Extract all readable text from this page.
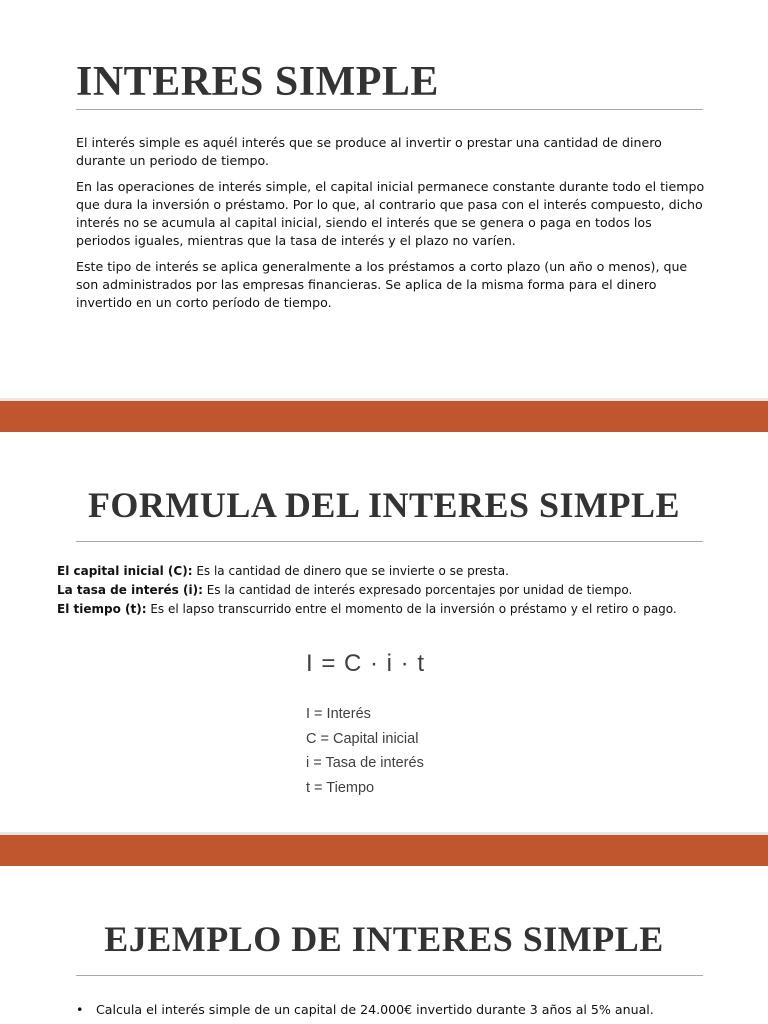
INTERES SIMPLE

El interés simple es aquél interés que se produce al invertir o prestar una cantidad de dinero durante un periodo de tiempo.

En las operaciones de interés simple, el capital inicial permanece constante durante todo el tiempo que dura la inversión o préstamo. Por lo que, al contrario que pasa con el interés compuesto, dicho interés no se acumula al capital inicial, siendo el interés que se genera o paga en todos los periodos iguales, mientras que la tasa de interés y el plazo no varíen.

Este tipo de interés se aplica generalmente a los préstamos a corto plazo (un año o menos), que son administrados por las empresas financieras. Se aplica de la misma forma para el dinero invertido en un corto período de tiempo.

FORMULA DEL INTERES SIMPLE
El capital inicial (C): Es la cantidad de dinero que se invierte o se presta.
La tasa de interés (i): Es la cantidad de interés expresado porcentajes por unidad de tiempo.
El tiempo (t): Es el lapso transcurrido entre el momento de la inversión o préstamo y el retiro o pago.
I = C · i · t
I = Interés
C = Capital inicial
i = Tasa de interés
t = Tiempo
EJEMPLO DE INTERES SIMPLE
• Calcula el interés simple de un capital de 24.000€ invertido durante 3 años al 5% anual.
